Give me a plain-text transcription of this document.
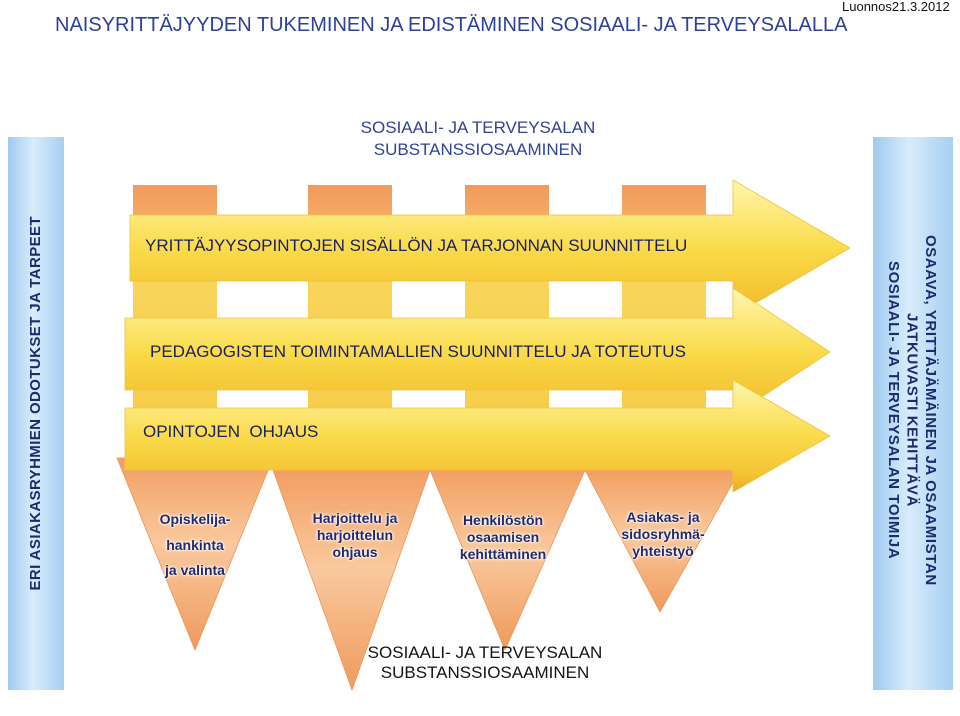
Luonnos21.3.2012
NAISYRITTÄJYYDEN TUKEMINEN JA EDISTÄMINEN SOSIAALI- JA TERVEYSALALLA
SOSIAALI- JA TERVEYSALAN
SUBSTANSSIOSAAMINEN
YRITTÄJYYSOPINTOJEN SISÄLLÖN JA TARJONNAN SUUNNITTELU
PEDAGOGISTEN TOIMINTAMALLIEN SUUNNITTELU JA TOTEUTUS
OPINTOJEN  OHJAUS
Opiskelija-
hankinta
ja valinta
Harjoittelu ja
harjoittelun
ohjaus
Henkilöstön
osaamisen
kehittäminen
Asiakas- ja
sidosryhmä-
yhteistyö
ERI ASIAKASRYHMIEN ODOTUKSET JA TARPEET	OSAAVA, YRITTÄJÄMÄINEN JA OSAAMISTAN
JATKUVASTI KEHITTÄVÄ
SOSIAALI- JA TERVEYSALAN TOIMIJA
SOSIAALI- JA TERVEYSALAN
SUBSTANSSIOSAAMINEN
